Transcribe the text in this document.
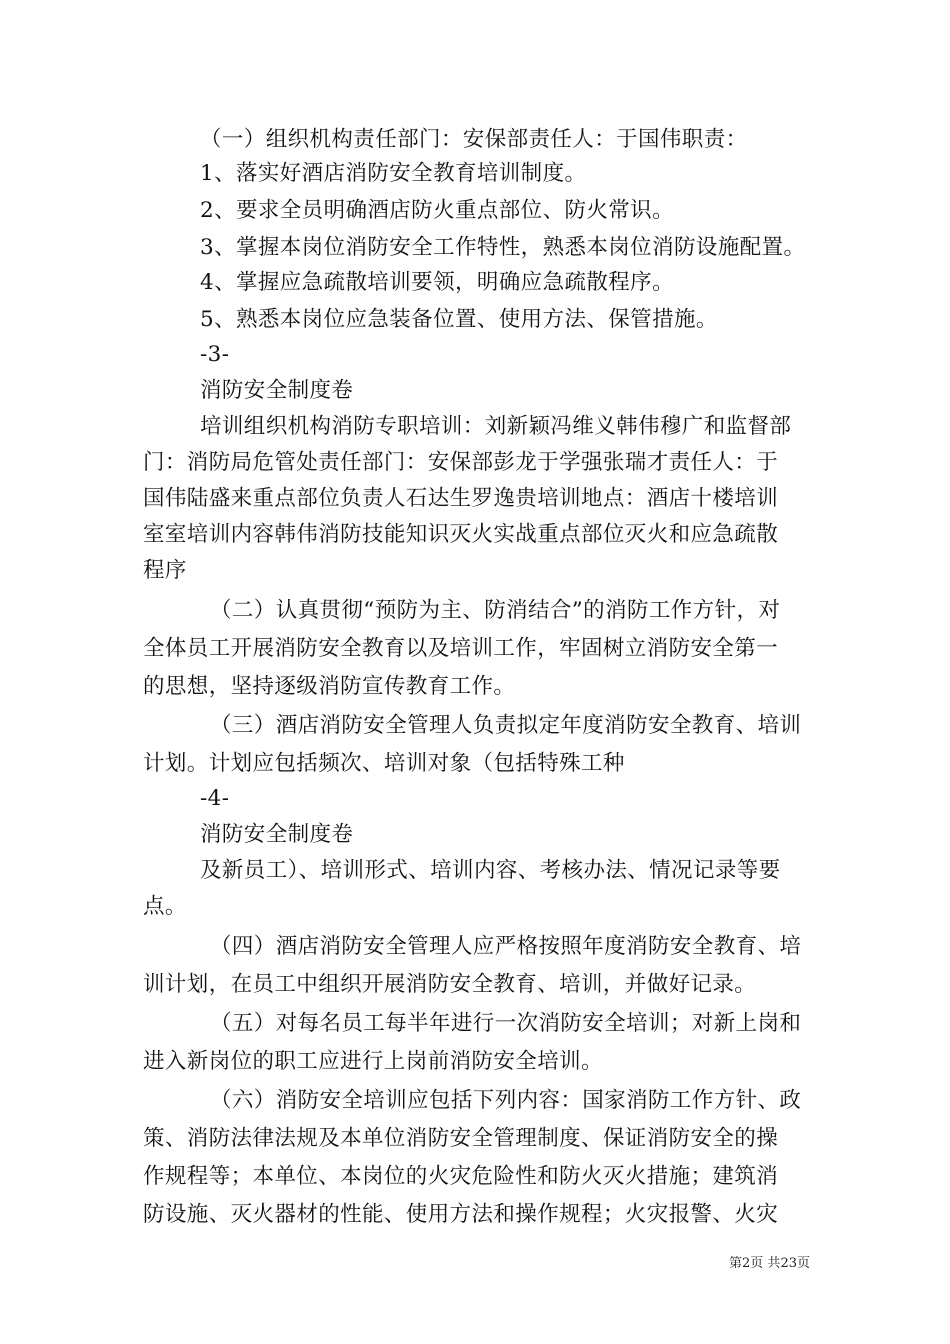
（一）组织机构责任部门：安保部责任人：于国伟职责：
1、落实好酒店消防安全教育培训制度。
2、要求全员明确酒店防火重点部位、防火常识。
3、掌握本岗位消防安全工作特性，熟悉本岗位消防设施配置。
4、掌握应急疏散培训要领，明确应急疏散程序。
5、熟悉本岗位应急装备位置、使用方法、保管措施。
-3-
消防安全制度卷
培训组织机构消防专职培训：刘新颖冯维义韩伟穆广和监督部
门：消防局危管处责任部门：安保部彭龙于学强张瑞才责任人：于
国伟陆盛来重点部位负责人石达生罗逸贵培训地点：酒店十楼培训
室室培训内容韩伟消防技能知识灭火实战重点部位灭火和应急疏散
程序
（二）认真贯彻“预防为主、防消结合”的消防工作方针，对
全体员工开展消防安全教育以及培训工作，牢固树立消防安全第一
的思想，坚持逐级消防宣传教育工作。
（三）酒店消防安全管理人负责拟定年度消防安全教育、培训
计划。计划应包括频次、培训对象（包括特殊工种
-4-
消防安全制度卷
及新员工）、培训形式、培训内容、考核办法、情况记录等要
点。
（四）酒店消防安全管理人应严格按照年度消防安全教育、培
训计划，在员工中组织开展消防安全教育、培训，并做好记录。
（五）对每名员工每半年进行一次消防安全培训；对新上岗和
进入新岗位的职工应进行上岗前消防安全培训。
（六）消防安全培训应包括下列内容：国家消防工作方针、政
策、消防法律法规及本单位消防安全管理制度、保证消防安全的操
作规程等；本单位、本岗位的火灾危险性和防火灭火措施；建筑消
防设施、灭火器材的性能、使用方法和操作规程；火灾报警、火灾
第2页 共23页
